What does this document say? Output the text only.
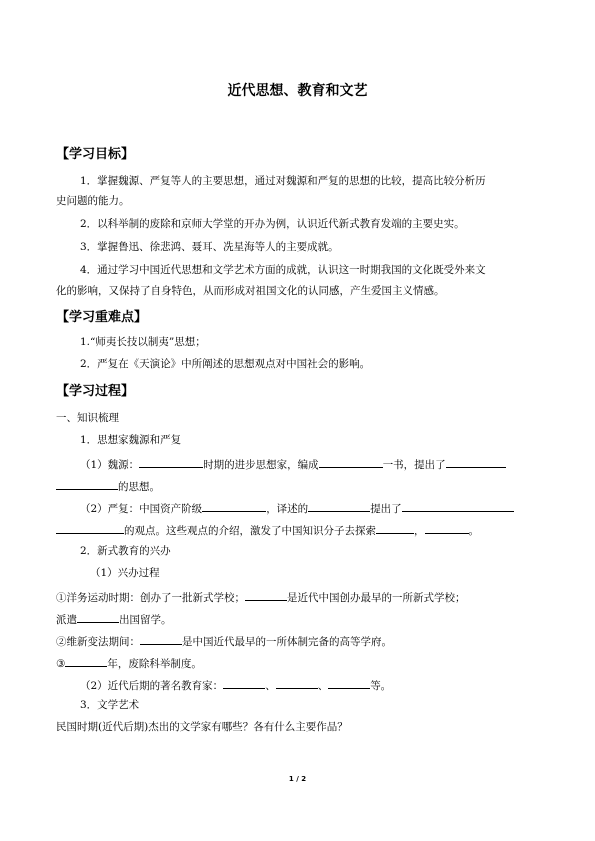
近代思想、教育和文艺
【学习目标】
1．掌握魏源、严复等人的主要思想，通过对魏源和严复的思想的比较，提高比较分析历
史问题的能力。
2．以科举制的废除和京师大学堂的开办为例，认识近代新式教育发端的主要史实。
3．掌握鲁迅、徐悲鸿、聂耳、冼星海等人的主要成就。
4．通过学习中国近代思想和文学艺术方面的成就，认识这一时期我国的文化既受外来文
化的影响，又保持了自身特色，从而形成对祖国文化的认同感，产生爱国主义情感。
【学习重难点】
1.“师夷长技以制夷”思想；
2．严复在《天演论》中所阐述的思想观点对中国社会的影响。
【学习过程】
一、知识梳理
1．思想家魏源和严复
（1）魏源：	时期的进步思想家，编成	一书，提出了
的思想。
（2）严复：中国资产阶级	，译述的	提出了
的观点。这些观点的介绍，激发了中国知识分子去探索	，	。
2．新式教育的兴办
（1）兴办过程
①洋务运动时期：创办了一批新式学校；	是近代中国创办最早的一所新式学校；
派遣	出国留学。
②维新变法期间：	是中国近代最早的一所体制完备的高等学府。
③	年，废除科举制度。
（2）近代后期的著名教育家：	、	、	等。
3．文学艺术
民国时期(近代后期)杰出的文学家有哪些？各有什么主要作品？
1 / 2
